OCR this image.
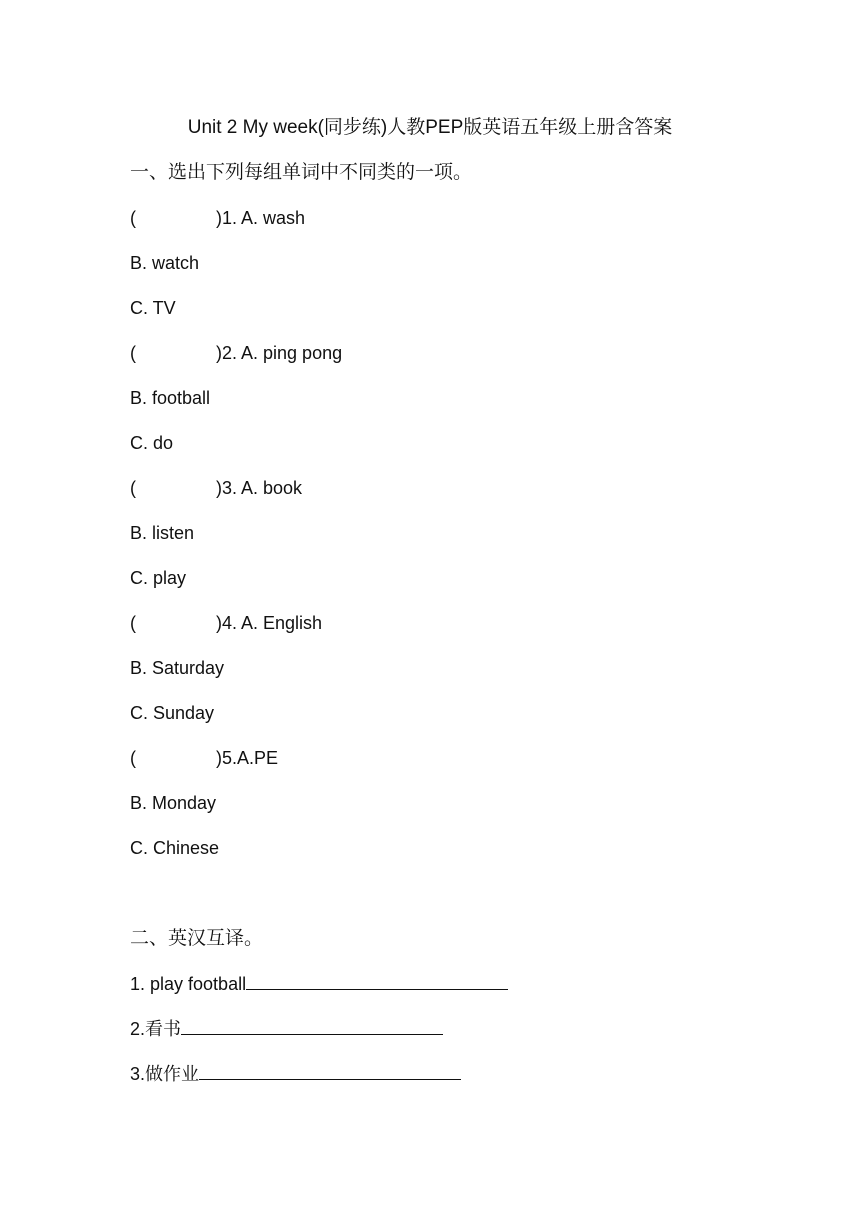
Unit 2 My week(同步练)人教PEP版英语五年级上册含答案
一、选出下列每组单词中不同类的一项。
(	)1. A. wash
B. watch
C. TV
(	)2. A. ping pong
B. football
C. do
(	)3. A. book
B. listen
C. play
(	)4. A. English
B. Saturday
C. Sunday
(	)5.A.PE
B. Monday
C. Chinese
二、英汉互译。
1. play football
2.看书
3.做作业
